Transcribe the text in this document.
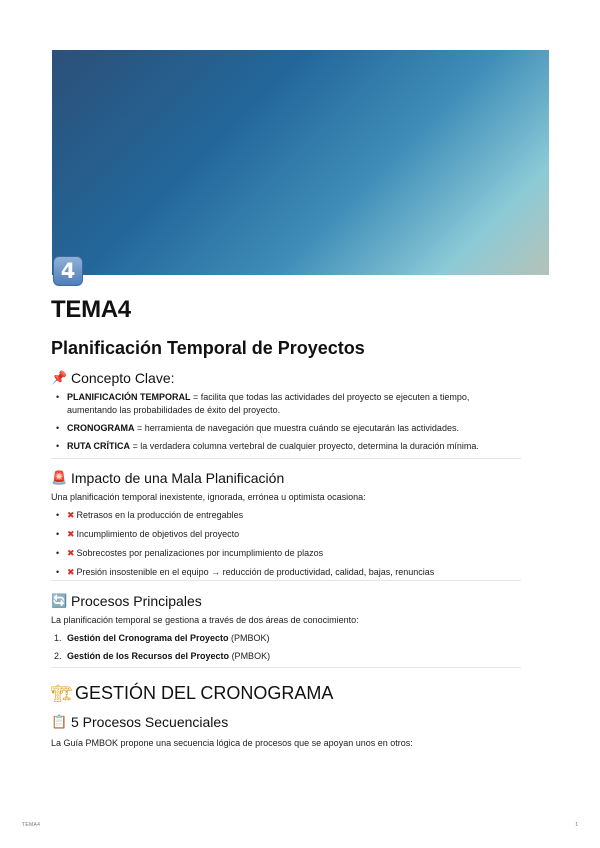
4
TEMA4
Planificación Temporal de Proyectos
📌 Concepto Clave:
• PLANIFICACIÓN TEMPORAL = facilita que todas las actividades del proyecto se ejecuten a tiempo, aumentando las probabilidades de éxito del proyecto.
• CRONOGRAMA = herramienta de navegación que muestra cuándo se ejecutarán las actividades.
• RUTA CRÍTICA = la verdadera columna vertebral de cualquier proyecto, determina la duración mínima.
🚨 Impacto de una Mala Planificación
Una planificación temporal inexistente, ignorada, errónea u optimista ocasiona:
• ✖ Retrasos en la producción de entregables
• ✖ Incumplimiento de objetivos del proyecto
• ✖ Sobrecostes por penalizaciones por incumplimiento de plazos
• ✖ Presión insostenible en el equipo → reducción de productividad, calidad, bajas, renuncias
🔄 Procesos Principales
La planificación temporal se gestiona a través de dos áreas de conocimiento:
1. Gestión del Cronograma del Proyecto (PMBOK)
2. Gestión de los Recursos del Proyecto (PMBOK)
🏗 GESTIÓN DEL CRONOGRAMA
📋 5 Procesos Secuenciales
La Guía PMBOK propone una secuencia lógica de procesos que se apoyan unos en otros:
TEMA4	1
